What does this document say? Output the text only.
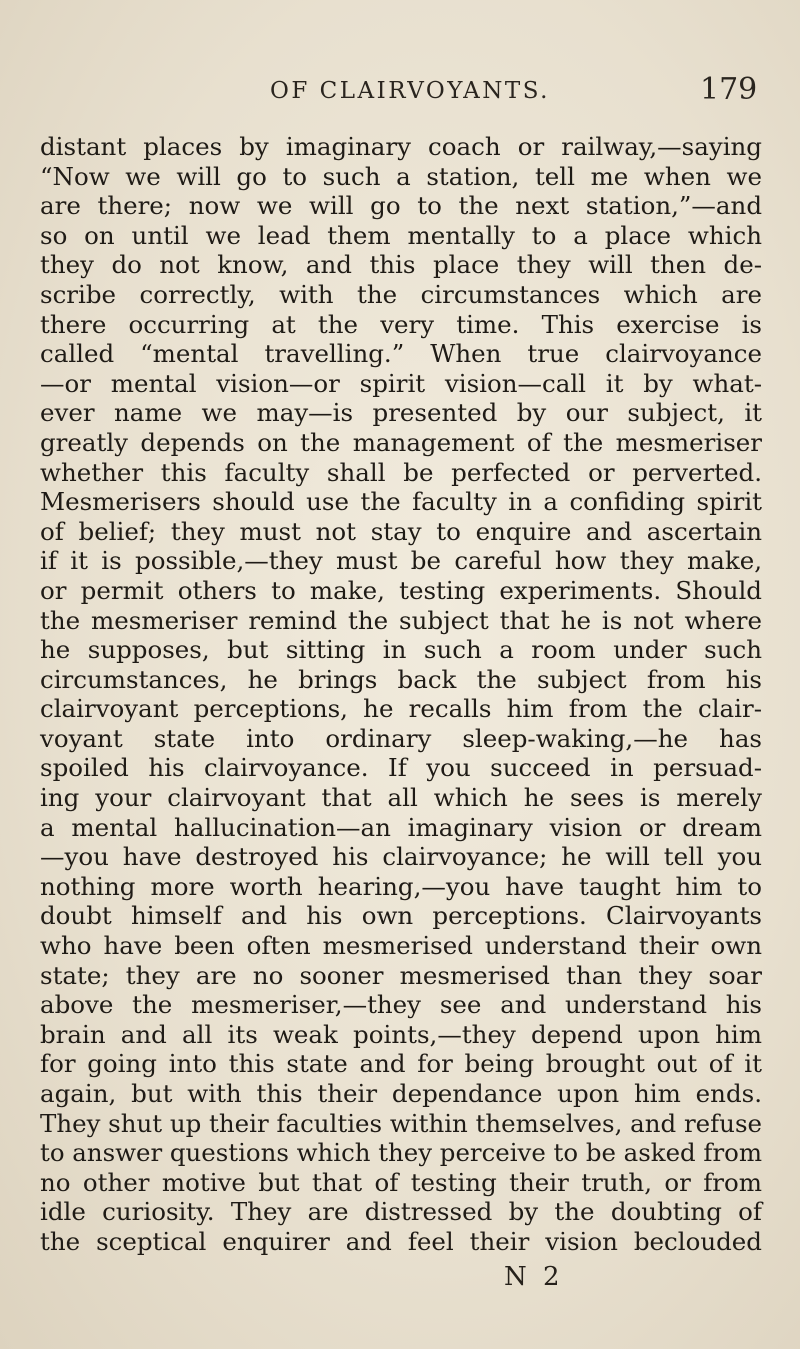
OF CLAIRVOYANTS.	179
distant places by imaginary coach or railway,—saying
“Now we will go to such a station, tell me when we
are there; now we will go to the next station,”—and
so on until we lead them mentally to a place which
they do not know, and this place they will then de-
scribe correctly, with the circumstances which are
there occurring at the very time. This exercise is
called “mental travelling.” When true clairvoyance
—or mental vision—or spirit vision—call it by what-
ever name we may—is presented by our subject, it
greatly depends on the management of the mesmeriser
whether this faculty shall be perfected or perverted.
Mesmerisers should use the faculty in a confiding spirit
of belief; they must not stay to enquire and ascertain
if it is possible,—they must be careful how they make,
or permit others to make, testing experiments. Should
the mesmeriser remind the subject that he is not where
he supposes, but sitting in such a room under such
circumstances, he brings back the subject from his
clairvoyant perceptions, he recalls him from the clair-
voyant state into ordinary sleep-waking,—he has
spoiled his clairvoyance. If you succeed in persuad-
ing your clairvoyant that all which he sees is merely
a mental hallucination—an imaginary vision or dream
—you have destroyed his clairvoyance; he will tell you
nothing more worth hearing,—you have taught him to
doubt himself and his own perceptions. Clairvoyants
who have been often mesmerised understand their own
state; they are no sooner mesmerised than they soar
above the mesmeriser,—they see and understand his
brain and all its weak points,—they depend upon him
for going into this state and for being brought out of it
again, but with this their dependance upon him ends.
They shut up their faculties within themselves, and refuse
to answer questions which they perceive to be asked from
no other motive but that of testing their truth, or from
idle curiosity. They are distressed by the doubting of
the sceptical enquirer and feel their vision beclouded
N 2
